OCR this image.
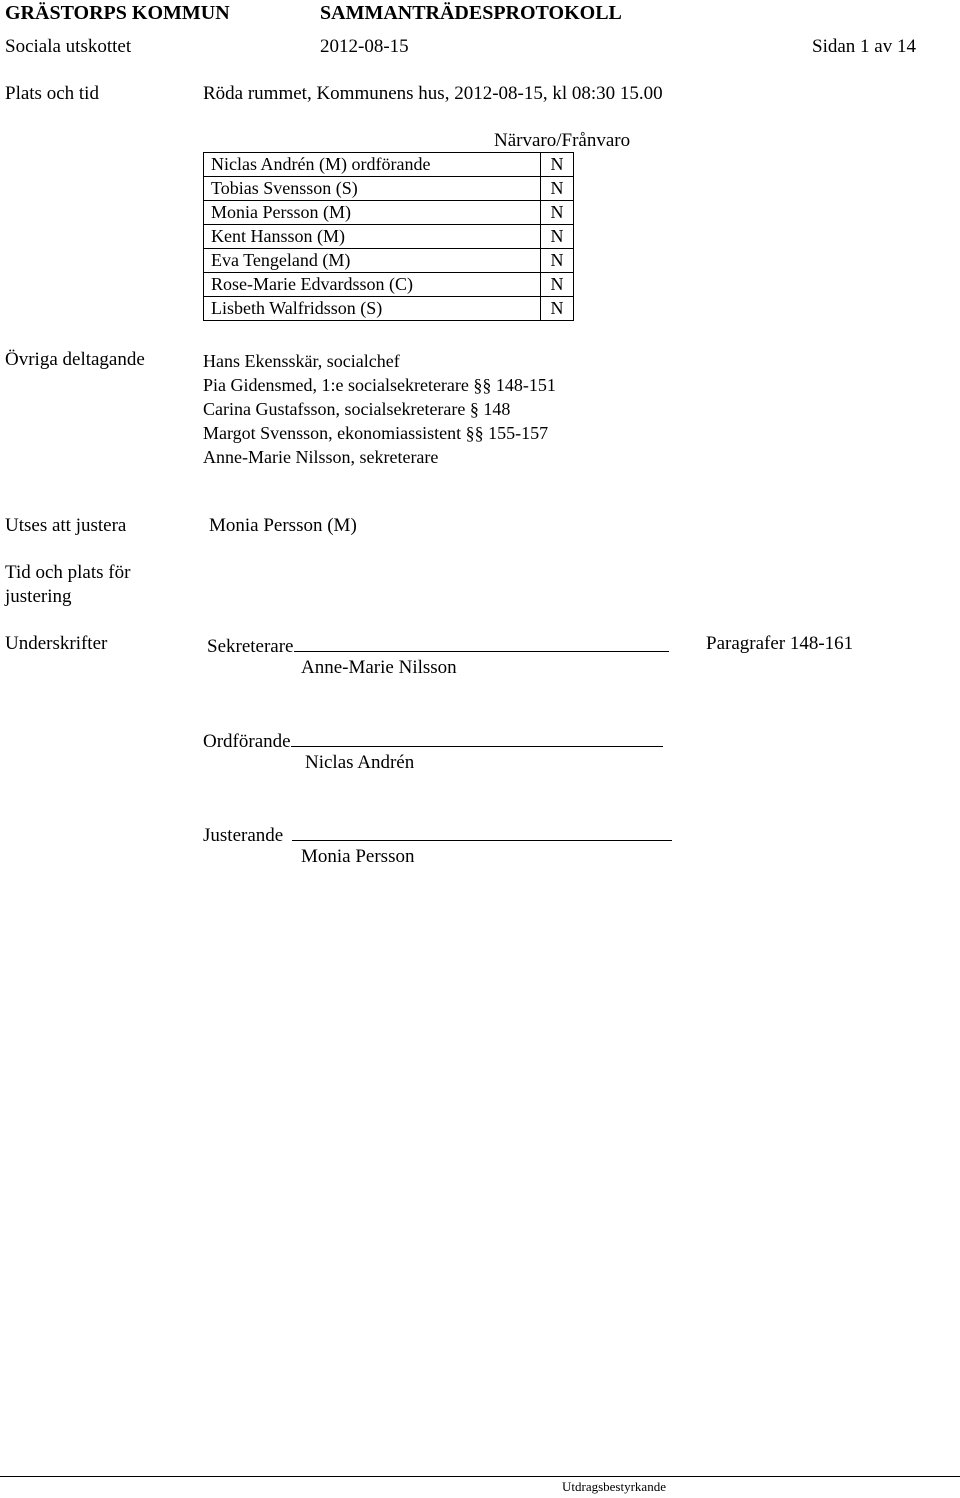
GRÄSTORPS KOMMUN	SAMMANTRÄDESPROTOKOLL
Sociala utskottet	2012-08-15	Sidan 1 av 14
Plats och tid	Röda rummet, Kommunens hus, 2012-08-15, kl 08:30 15.00
Närvaro/Frånvaro
Niclas Andrén (M) ordförande	N
Tobias Svensson (S)	N
Monia Persson (M)	N
Kent Hansson (M)	N
Eva Tengeland (M)	N
Rose-Marie Edvardsson (C)	N
Lisbeth Walfridsson (S)	N
Övriga deltagande	Hans Ekensskär, socialchef
Pia Gidensmed, 1:e socialsekreterare §§ 148-151
Carina Gustafsson, socialsekreterare § 148
Margot Svensson, ekonomiassistent §§ 155-157
Anne-Marie Nilsson, sekreterare
Utses att justera	Monia Persson (M)
Tid och plats för
justering
Underskrifter	Sekreterare	Paragrafer 148-161
Anne-Marie Nilsson
Ordförande
Niclas Andrén
Justerande
Monia Persson
Utdragsbestyrkande
